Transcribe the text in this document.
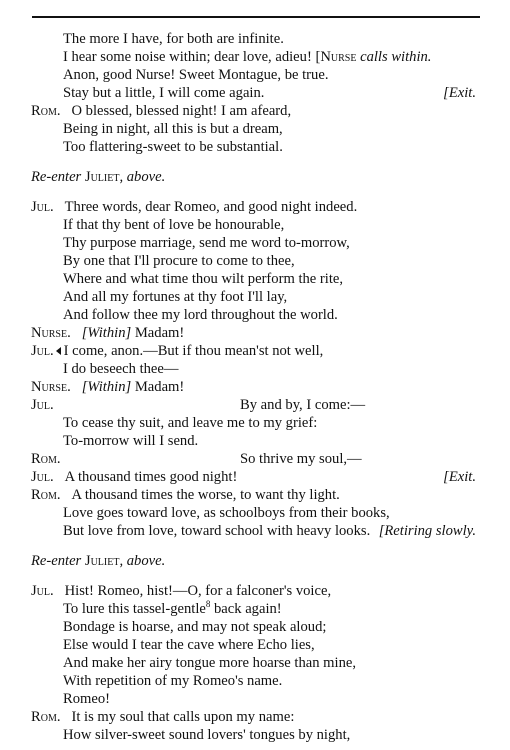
The more I have, for both are infinite.
I hear some noise within; dear love, adieu! [Nurse calls within.
Anon, good Nurse! Sweet Montague, be true.
Stay but a little, I will come again.	[Exit.
Rom. O blessed, blessed night! I am afeard,
Being in night, all this is but a dream,
Too flattering-sweet to be substantial.
Re-enter Juliet, above.
Jul. Three words, dear Romeo, and good night indeed.
If that thy bent of love be honourable,
Thy purpose marriage, send me word to-morrow,
By one that I'll procure to come to thee,
Where and what time thou wilt perform the rite,
And all my fortunes at thy foot I'll lay,
And follow thee my lord throughout the world.
Nurse. [Within] Madam!
Jul. I come, anon.—But if thou mean'st not well,
I do beseech thee—
Nurse. [Within] Madam!
Jul.	By and by, I come:—
To cease thy suit, and leave me to my grief:
To-morrow will I send.
Rom.	So thrive my soul,—
Jul. A thousand times good night!	[Exit.
Rom. A thousand times the worse, to want thy light.
Love goes toward love, as schoolboys from their books,
But love from love, toward school with heavy looks. [Retiring slowly.
Re-enter Juliet, above.
Jul. Hist! Romeo, hist!—O, for a falconer's voice,
To lure this tassel-gentle$^8$ back again!
Bondage is hoarse, and may not speak aloud;
Else would I tear the cave where Echo lies,
And make her airy tongue more hoarse than mine,
With repetition of my Romeo's name.
Romeo!
Rom. It is my soul that calls upon my name:
How silver-sweet sound lovers' tongues by night,
